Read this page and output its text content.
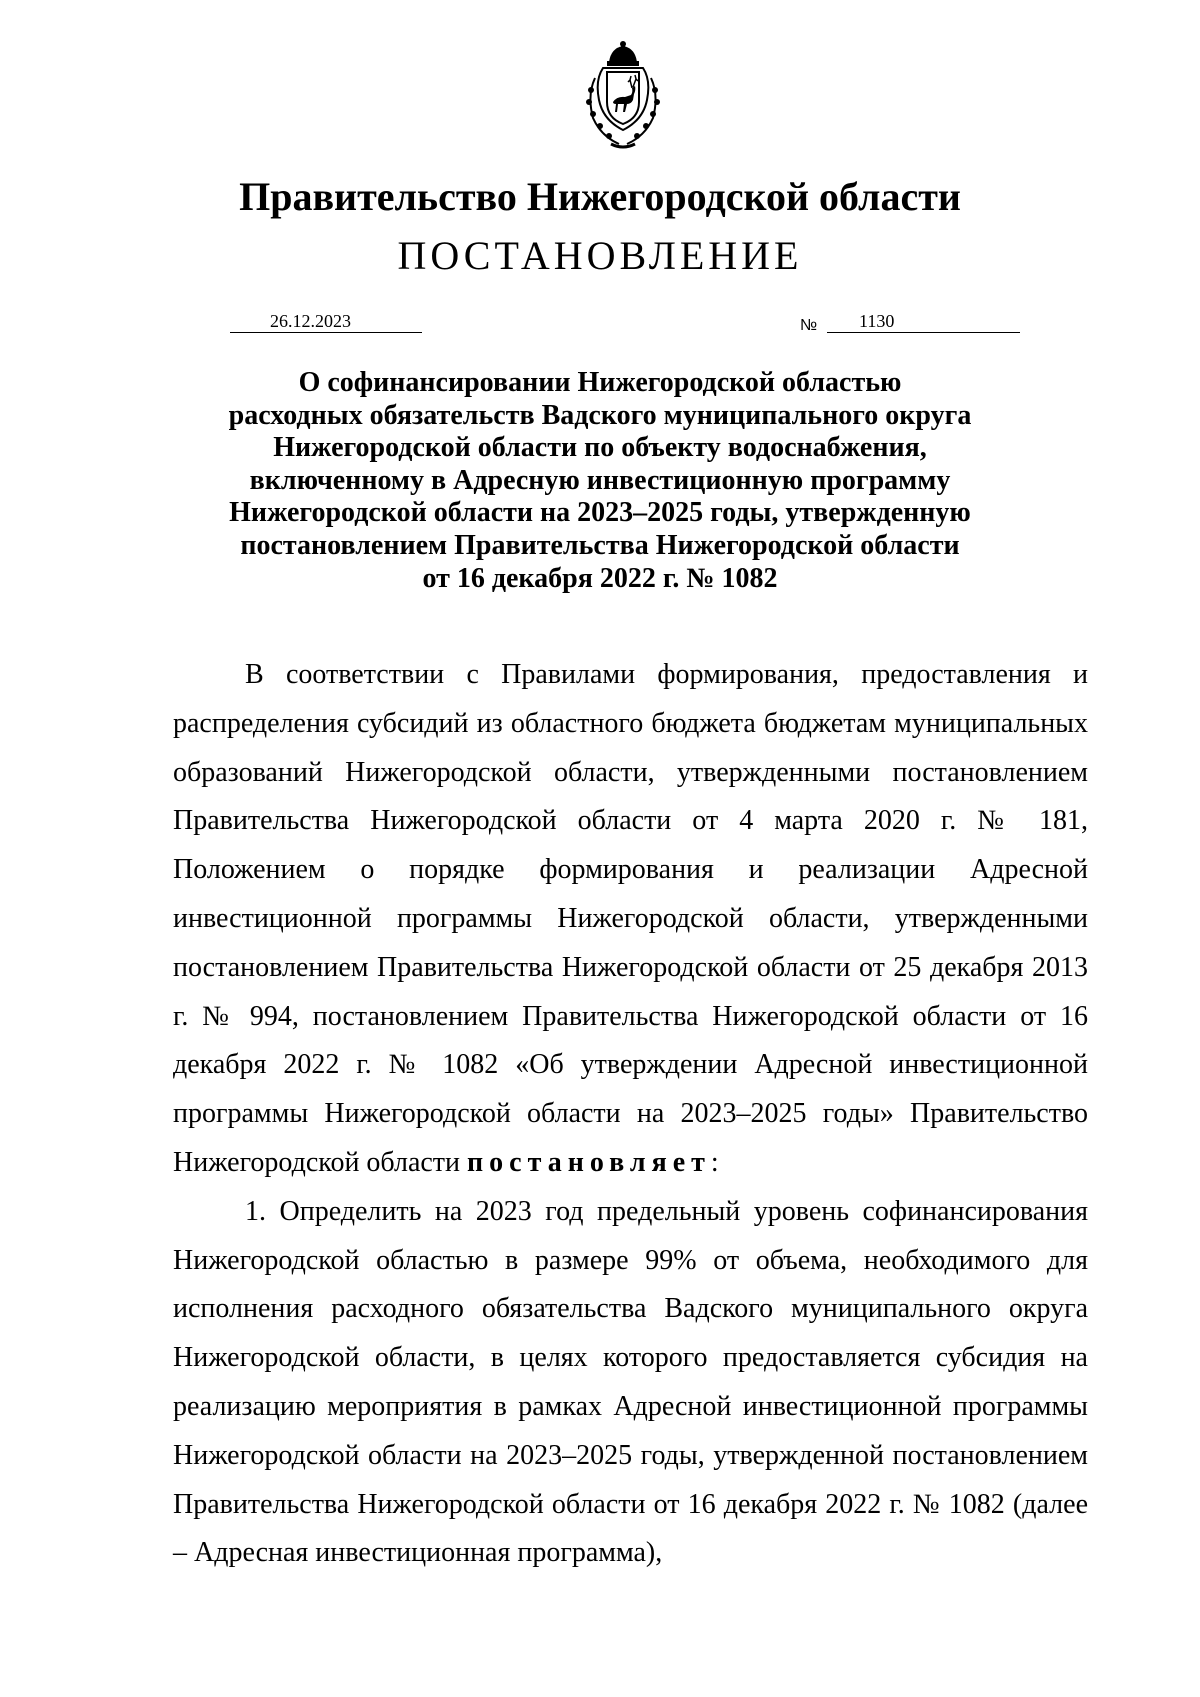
Правительство Нижегородской области
ПОСТАНОВЛЕНИЕ
26.12.2023	№	1130
О софинансировании Нижегородской областью
расходных обязательств Вадского муниципального округа
Нижегородской области по объекту водоснабжения,
включенному в Адресную инвестиционную программу
Нижегородской области на 2023–2025 годы, утвержденную
постановлением Правительства Нижегородской области
от 16 декабря 2022 г. № 1082

В соответствии с Правилами формирования, предоставления и распределения субсидий из областного бюджета бюджетам муниципальных образований Нижегородской области, утвержденными постановлением Правительства Нижегородской области от 4 марта 2020 г. № 181, Положением о порядке формирования и реализации Адресной инвестиционной программы Нижегородской области, утвержденными постановлением Правительства Нижегородской области от 25 декабря 2013 г. № 994, постановлением Правительства Нижегородской области от 16 декабря 2022 г. № 1082 «Об утверждении Адресной инвестиционной программы Нижегородской области на 2023–2025 годы» Правительство Нижегородской области постановляет:

1. Определить на 2023 год предельный уровень софинансирования Нижегородской областью в размере 99% от объема, необходимого для исполнения расходного обязательства Вадского муниципального округа Нижегородской области, в целях которого предоставляется субсидия на реализацию мероприятия в рамках Адресной инвестиционной программы Нижегородской области на 2023–2025 годы, утвержденной постановлением Правительства Нижегородской области от 16 декабря 2022 г. № 1082 (далее – Адресная инвестиционная программа),
